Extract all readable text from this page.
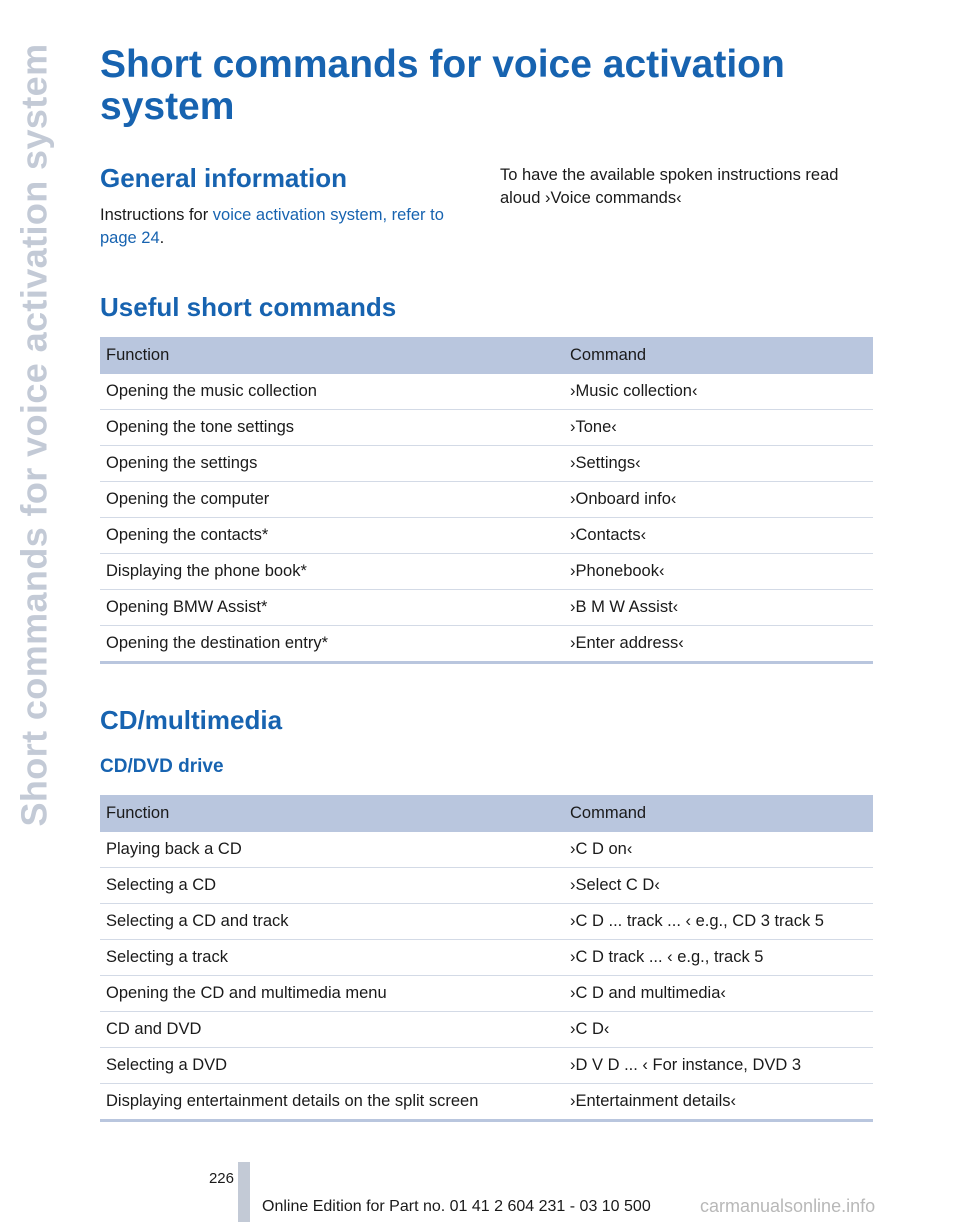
Short commands for voice activation system Short commands for voice activation system
General information

Instructions for voice activation system, refer to page 24.

To have the available spoken instructions read aloud ›Voice commands‹

Useful short commands
Function	Command
Opening the music collection	›Music collection‹
Opening the tone settings	›Tone‹
Opening the settings	›Settings‹
Opening the computer	›Onboard info‹
Opening the contacts*	›Contacts‹
Displaying the phone book*	›Phonebook‹
Opening BMW Assist*	›B M W Assist‹
Opening the destination entry*	›Enter address‹
CD/multimedia
CD/DVD drive
Function	Command
Playing back a CD	›C D on‹
Selecting a CD	›Select C D‹
Selecting a CD and track	›C D ... track ... ‹ e.g., CD 3 track 5
Selecting a track	›C D track ... ‹ e.g., track 5
Opening the CD and multimedia menu	›C D and multimedia‹
CD and DVD	›C D‹
Selecting a DVD	›D V D ... ‹ For instance, DVD 3
Displaying entertainment details on the split screen	›Entertainment details‹
226
Online Edition for Part no. 01 41 2 604 231 - 03 10 500	carmanualsonline.info
